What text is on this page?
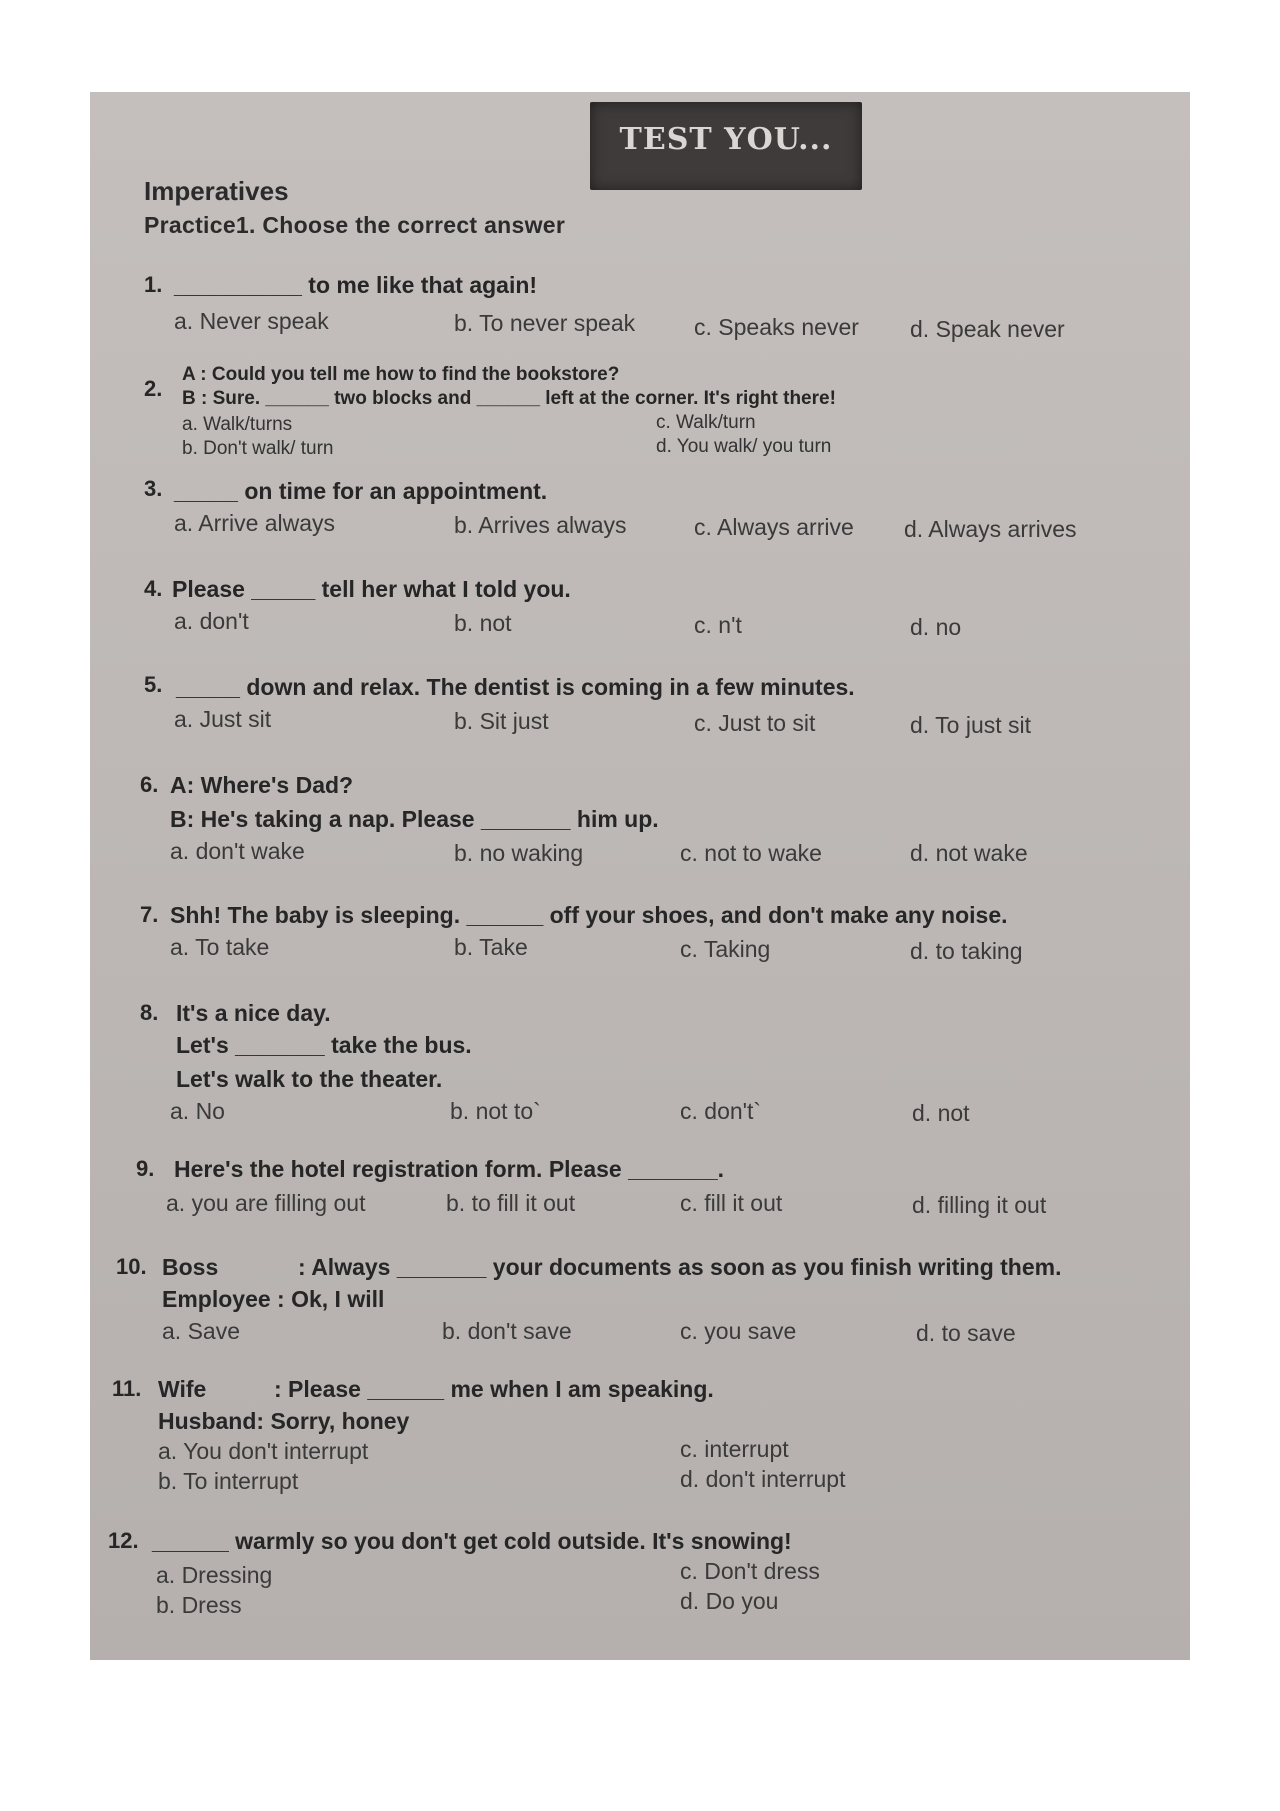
TEST YOU...
Imperatives
Practice1. Choose the correct answer
1. __________ to me like that again!
a. Never speak	b. To never speak	c. Speaks never d. Speak never
2.
A : Could you tell me how to find the bookstore?
B : Sure. ______ two blocks and ______ left at the corner. It's right there!
a. Walk/turns
b. Don't walk/ turn
c. Walk/turn
d. You walk/ you turn
3. _____ on time for an appointment.
a. Arrive always	b. Arrives always	c. Always arrive d. Always arrives
4. Please _____ tell her what I told you.
a. don't	b. not	c. n't	d. no
5. _____ down and relax. The dentist is coming in a few minutes.
a. Just sit	b. Sit just	c. Just to sit	d. To just sit
6. A: Where's Dad?
B: He's taking a nap. Please _______ him up.
a. don't wake	b. no waking	c. not to wake	d. not wake
7. Shh! The baby is sleeping. ______ off your shoes, and don't make any noise.
a. To take	b. Take	c. Taking	d. to taking
8. It's a nice day.
Let's _______ take the bus.
Let's walk to the theater.
a. No	b. not to`	c. don't`	d. not
9. Here's the hotel registration form. Please _______.
a. you are filling out	b. to fill it out	c. fill it out	d. filling it out
10. Boss	: Always _______ your documents as soon as you finish writing them.
Employee : Ok, I will
a. Save	b. don't save	c. you save	d. to save
11. Wife	: Please ______ me when I am speaking.
Husband: Sorry, honey
a. You don't interrupt
b. To interrupt
c. interrupt
d. don't interrupt
12. ______ warmly so you don't get cold outside. It's snowing!
a. Dressing
b. Dress
c. Don't dress
d. Do you
